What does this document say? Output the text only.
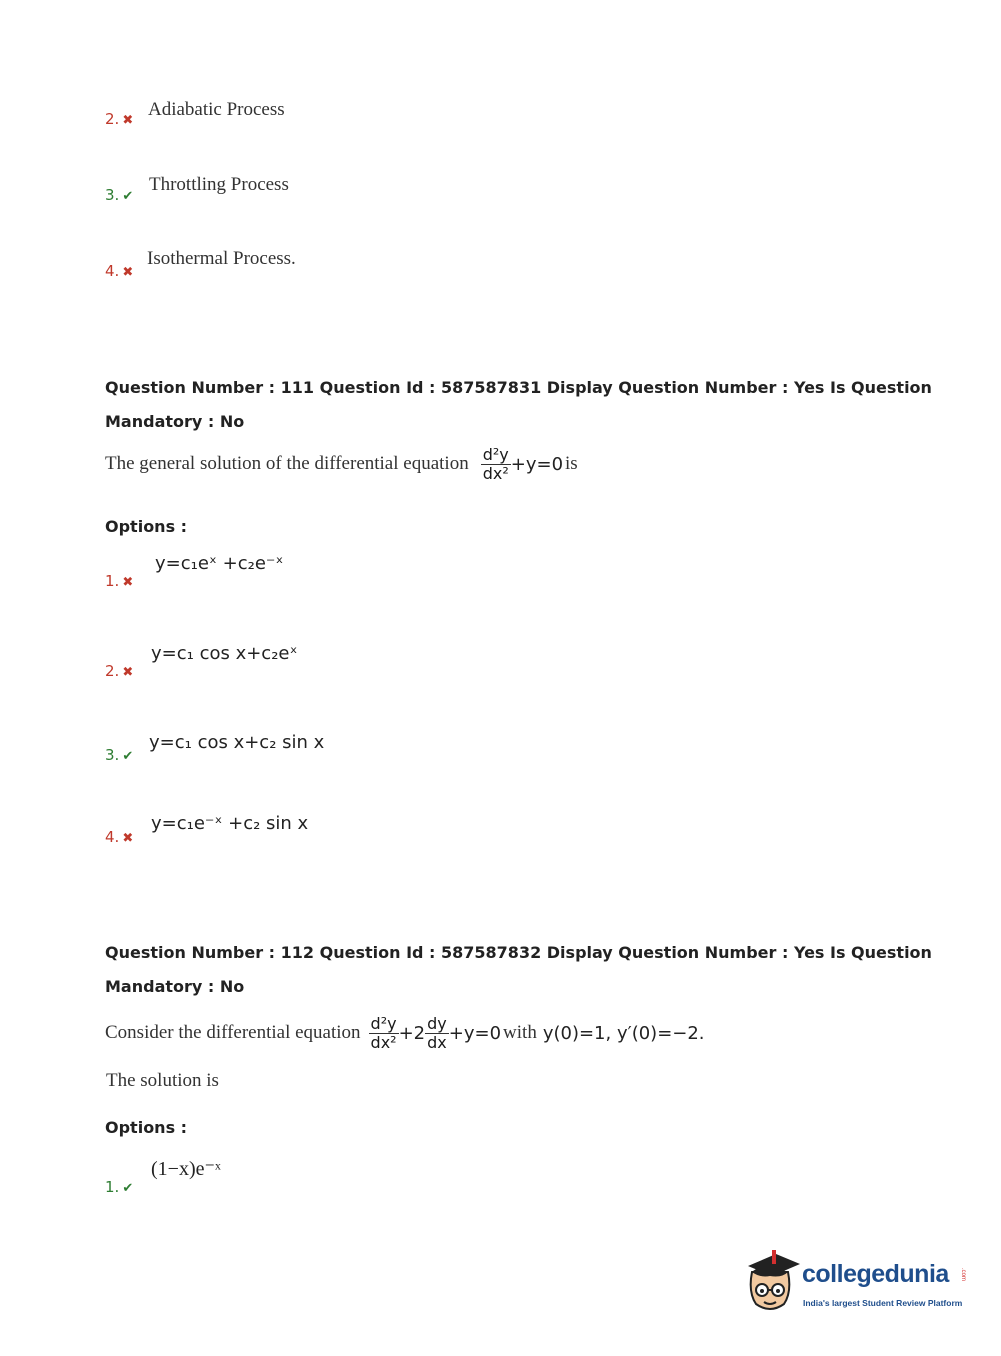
2. ✖
Adiabatic Process
3. ✔
Throttling Process
4. ✖
Isothermal Process.
Question Number : 111 Question Id : 587587831 Display Question Number : Yes Is Question
Mandatory : No
The general solution of the differential equation $\frac{\text{d²y}}{\text{dx²}} +y=0$ is
Options :
1. ✖
y=c₁eˣ +c₂e⁻ˣ
2. ✖
y=c₁ cos x+c₂eˣ
3. ✔
y=c₁ cos x+c₂ sin x
4. ✖
y=c₁e⁻ˣ +c₂ sin x
Question Number : 112 Question Id : 587587832 Display Question Number : Yes Is Question
Mandatory : No
Consider the differential equation $\frac{\text{d²y}}{\text{dx²}} +2 \frac{dy}{dx} +y=0$ with y(0)=1, y′(0)=−2.
The solution is
Options :
1. ✔
(1−x)e⁻ˣ
collegedunia .com
India's largest Student Review Platform
